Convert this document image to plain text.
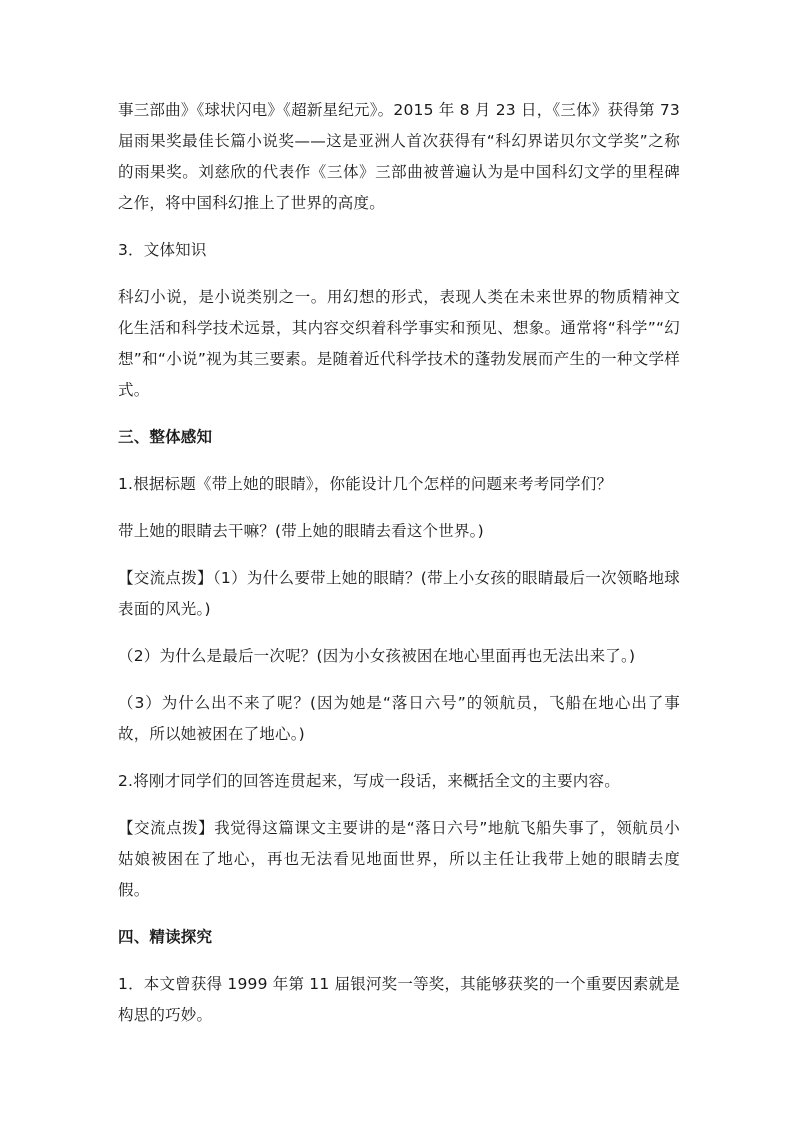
事三部曲》《球状闪电》《超新星纪元》。2015 年 8 月 23 日，《三体》获得第 73 届雨果奖最佳长篇小说奖——这是亚洲人首次获得有“科幻界诺贝尔文学奖”之称的雨果奖。刘慈欣的代表作《三体》三部曲被普遍认为是中国科幻文学的里程碑之作，将中国科幻推上了世界的高度。

3．文体知识

科幻小说，是小说类别之一。用幻想的形式，表现人类在未来世界的物质精神文化生活和科学技术远景，其内容交织着科学事实和预见、想象。通常将“科学”“幻想”和“小说”视为其三要素。是随着近代科学技术的蓬勃发展而产生的一种文学样式。

三、整体感知

1.根据标题《带上她的眼睛》，你能设计几个怎样的问题来考考同学们？

带上她的眼睛去干嘛？(带上她的眼睛去看这个世界。)

【交流点拨】（1）为什么要带上她的眼睛？(带上小女孩的眼睛最后一次领略地球表面的风光。)

（2）为什么是最后一次呢？(因为小女孩被困在地心里面再也无法出来了。)

（3）为什么出不来了呢？(因为她是“落日六号”的领航员，飞船在地心出了事故，所以她被困在了地心。)

2.将刚才同学们的回答连贯起来，写成一段话，来概括全文的主要内容。

【交流点拨】我觉得这篇课文主要讲的是“落日六号”地航飞船失事了，领航员小姑娘被困在了地心，再也无法看见地面世界，所以主任让我带上她的眼睛去度假。

四、精读探究

1．本文曾获得 1999 年第 11 届银河奖一等奖，其能够获奖的一个重要因素就是构思的巧妙。
